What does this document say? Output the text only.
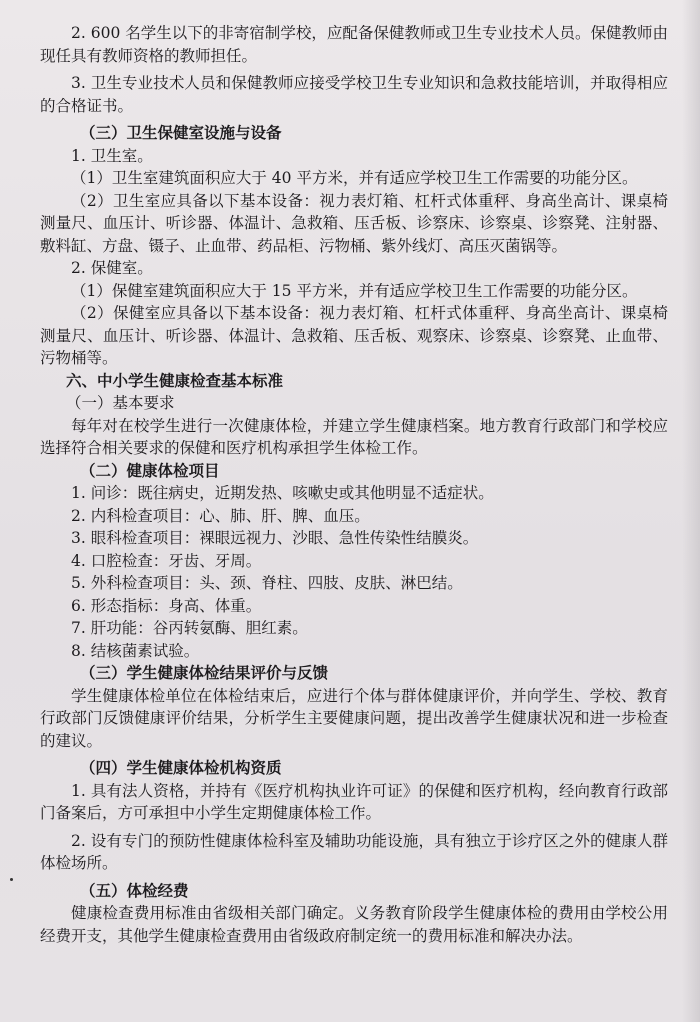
2. 600 名学生以下的非寄宿制学校，应配备保健教师或卫生专业技术人员。保健教师由现任具有教师资格的教师担任。

3. 卫生专业技术人员和保健教师应接受学校卫生专业知识和急救技能培训，并取得相应的合格证书。

（三）卫生保健室设施与设备

1. 卫生室。

（1）卫生室建筑面积应大于 40 平方米，并有适应学校卫生工作需要的功能分区。

（2）卫生室应具备以下基本设备：视力表灯箱、杠杆式体重秤、身高坐高计、课桌椅测量尺、血压计、听诊器、体温计、急救箱、压舌板、诊察床、诊察桌、诊察凳、注射器、敷料缸、方盘、镊子、止血带、药品柜、污物桶、紫外线灯、高压灭菌锅等。

2. 保健室。

（1）保健室建筑面积应大于 15 平方米，并有适应学校卫生工作需要的功能分区。

（2）保健室应具备以下基本设备：视力表灯箱、杠杆式体重秤、身高坐高计、课桌椅测量尺、血压计、听诊器、体温计、急救箱、压舌板、观察床、诊察桌、诊察凳、止血带、污物桶等。

六、中小学生健康检查基本标准

（一）基本要求

每年对在校学生进行一次健康体检，并建立学生健康档案。地方教育行政部门和学校应选择符合相关要求的保健和医疗机构承担学生体检工作。

（二）健康体检项目

1. 问诊：既往病史，近期发热、咳嗽史或其他明显不适症状。

2. 内科检查项目：心、肺、肝、脾、血压。

3. 眼科检查项目：裸眼远视力、沙眼、急性传染性结膜炎。

4. 口腔检查：牙齿、牙周。

5. 外科检查项目：头、颈、脊柱、四肢、皮肤、淋巴结。

6. 形态指标：身高、体重。

7. 肝功能：谷丙转氨酶、胆红素。

8. 结核菌素试验。

（三）学生健康体检结果评价与反馈

学生健康体检单位在体检结束后，应进行个体与群体健康评价，并向学生、学校、教育行政部门反馈健康评价结果，分析学生主要健康问题，提出改善学生健康状况和进一步检查的建议。

（四）学生健康体检机构资质

1. 具有法人资格，并持有《医疗机构执业许可证》的保健和医疗机构，经向教育行政部门备案后，方可承担中小学生定期健康体检工作。

2. 设有专门的预防性健康体检科室及辅助功能设施，具有独立于诊疗区之外的健康人群体检场所。

（五）体检经费

健康检查费用标准由省级相关部门确定。义务教育阶段学生健康体检的费用由学校公用经费开支，其他学生健康检查费用由省级政府制定统一的费用标准和解决办法。
